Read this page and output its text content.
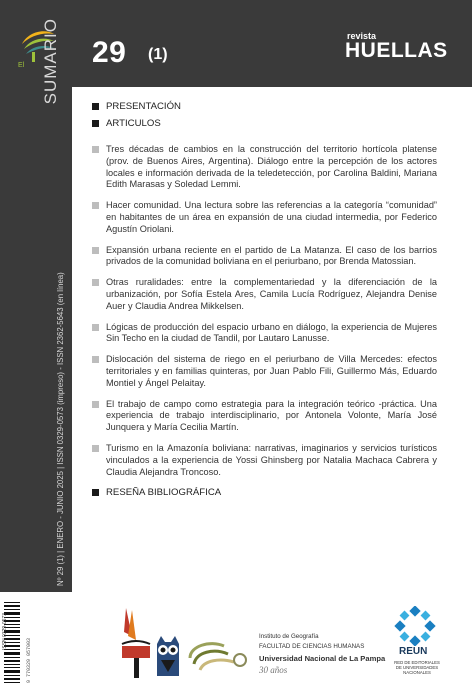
El 29 (1)
revista
HUELLAS
SUMARIO
Nº 29 (1) | ENERO - JUNIO 2025 | ISSN 0329-0573 (impreso) - ISSN 2362-5643 (en línea)
PRESENTACIÓN
ARTICULOS
Tres décadas de cambios en la construcción del territorio hortícola platense (prov. de Buenos Aires, Argentina). Diálogo entre la percepción de los actores locales e información derivada de la teledetección, por Carolina Baldini, Mariana Edith Marasas y Soledad Lemmi.
Hacer comunidad. Una lectura sobre las referencias a la categoría “comunidad” en habitantes de un área en expansión de una ciudad intermedia, por Federico Agustín Oriolani.
Expansión urbana reciente en el partido de La Matanza. El caso de los barrios privados de la comunidad boliviana en el periurbano, por Brenda Matossian.
Otras ruralidades: entre la complementariedad y la diferenciación de la urbanización, por Sofía Estela Ares, Camila Lucía Rodríguez, Alejandra Denise Auer y Claudia Andrea Mikkelsen.
Lógicas de producción del espacio urbano en diálogo, la experiencia de Mujeres Sin Techo en la ciudad de Tandil, por Lautaro Lanusse.
Dislocación del sistema de riego en el periurbano de Villa Mercedes: efectos territoriales y en familias quinteras, por Juan Pablo Fili, Guillermo Más, Eduardo Montiel y Ángel Pelaitay.
El trabajo de campo como estrategia para la integración teórico -práctica. Una experiencia de trabajo interdisciplinario, por Antonela Volonte, María José Junquera y María Cecilia Martín.
Turismo en la Amazonía boliviana: narrativas, imaginarios y servicios turísticos vinculados a la experiencia de Yossi Ghinsberg por Natalia Machaca Cabrera y Claudia Alejandra Troncoso.
RESEÑA BIBLIOGRÁFICA
ISSN 0329-0573
9 770329 057003
Instituto de Geografía
FACULTAD DE CIENCIAS HUMANAS
Universidad Nacional de La Pampa
30 años
REUN
RED DE EDITORIALES DE UNIVERSIDADES NACIONALES
